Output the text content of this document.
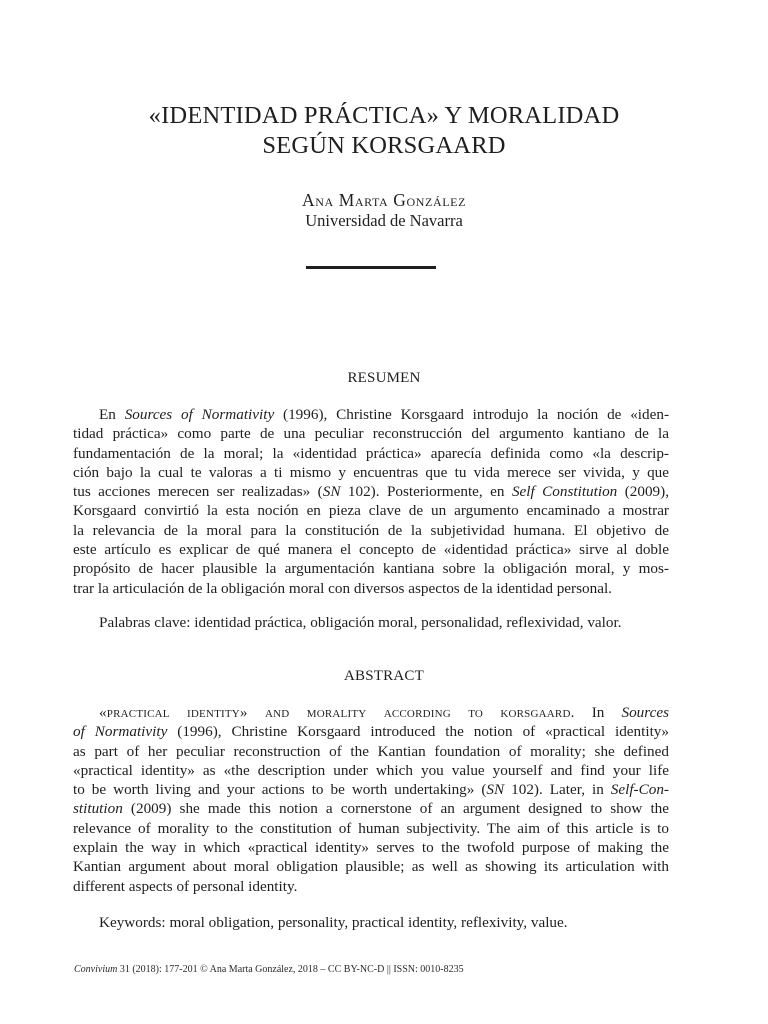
«IDENTIDAD PRÁCTICA» Y MORALIDAD
SEGÚN KORSGAARD
Ana Marta González
Universidad de Navarra
RESUMEN
En Sources of Normativity (1996), Christine Korsgaard introdujo la noción de «iden-
tidad práctica» como parte de una peculiar reconstrucción del argumento kantiano de la
fundamentación de la moral; la «identidad práctica» aparecía definida como «la descrip-
ción bajo la cual te valoras a ti mismo y encuentras que tu vida merece ser vivida, y que
tus acciones merecen ser realizadas» (SN 102). Posteriormente, en Self Constitution (2009),
Korsgaard convirtió la esta noción en pieza clave de un argumento encaminado a mostrar
la relevancia de la moral para la constitución de la subjetividad humana. El objetivo de
este artículo es explicar de qué manera el concepto de «identidad práctica» sirve al doble
propósito de hacer plausible la argumentación kantiana sobre la obligación moral, y mos-
trar la articulación de la obligación moral con diversos aspectos de la identidad personal.
Palabras clave: identidad práctica, obligación moral, personalidad, reflexividad, valor.
ABSTRACT
«practical identity» and morality according to korsgaard. In Sources
of Normativity (1996), Christine Korsgaard introduced the notion of «practical identity»
as part of her peculiar reconstruction of the Kantian foundation of morality; she defined
«practical identity» as «the description under which you value yourself and find your life
to be worth living and your actions to be worth undertaking» (SN 102). Later, in Self-Con-
stitution (2009) she made this notion a cornerstone of an argument designed to show the
relevance of morality to the constitution of human subjectivity. The aim of this article is to
explain the way in which «practical identity» serves to the twofold purpose of making the
Kantian argument about moral obligation plausible; as well as showing its articulation with
different aspects of personal identity.
Keywords: moral obligation, personality, practical identity, reflexivity, value.
Convivium 31 (2018): 177-201 © Ana Marta González, 2018 – CC BY-NC-D || ISSN: 0010-8235
